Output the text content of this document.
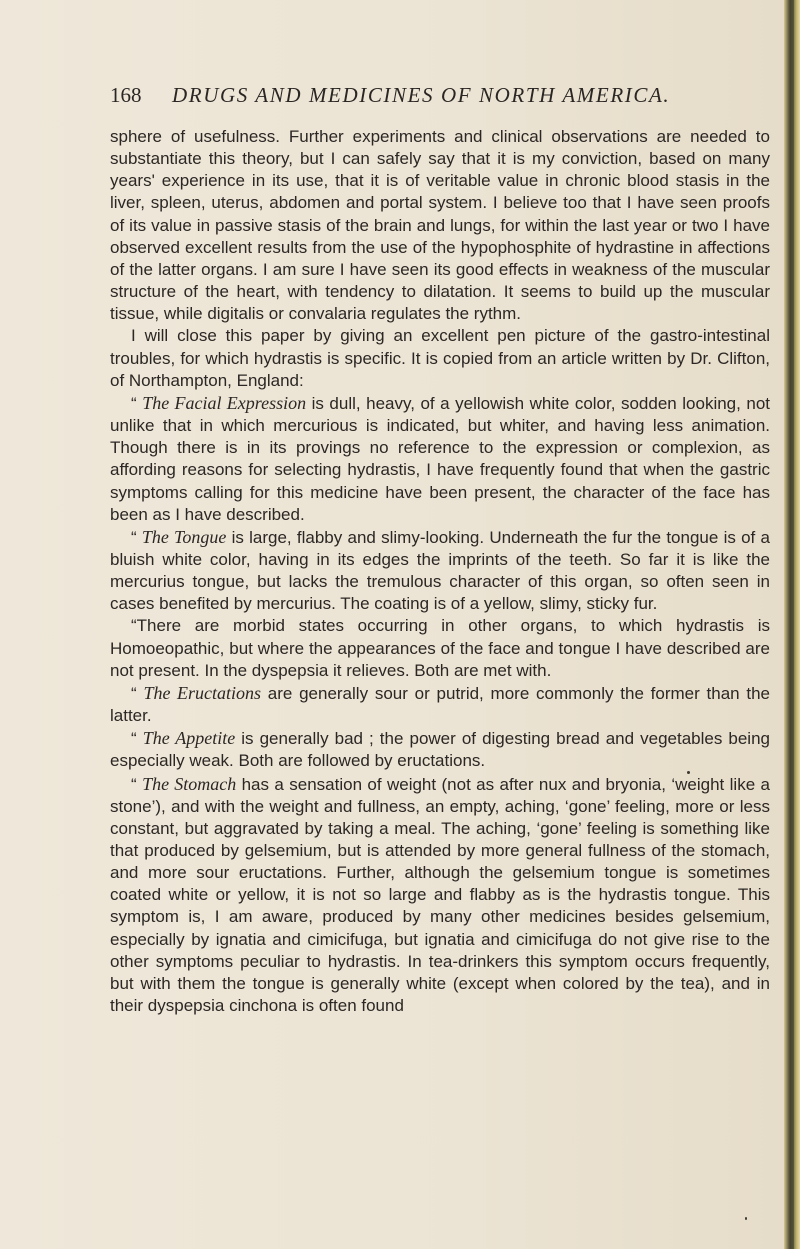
168 DRUGS AND MEDICINES OF NORTH AMERICA.

sphere of usefulness. Further experiments and clinical observations are needed to substantiate this theory, but I can safely say that it is my conviction, based on many years' experience in its use, that it is of veritable value in chronic blood stasis in the liver, spleen, uterus, abdomen and portal system. I believe too that I have seen proofs of its value in passive stasis of the brain and lungs, for within the last year or two I have observed excellent results from the use of the hypophosphite of hydrastine in affections of the latter organs. I am sure I have seen its good effects in weakness of the muscular structure of the heart, with tendency to dilatation. It seems to build up the muscular tissue, while digitalis or convalaria regulates the rythm.

I will close this paper by giving an excellent pen picture of the gastro-intestinal troubles, for which hydrastis is specific. It is copied from an article written by Dr. Clifton, of Northampton, England:

“ The Facial Expression is dull, heavy, of a yellowish white color, sodden looking, not unlike that in which mercurious is indicated, but whiter, and having less animation. Though there is in its provings no reference to the expression or complexion, as affording reasons for selecting hydrastis, I have frequently found that when the gastric symptoms calling for this medicine have been present, the character of the face has been as I have described.

“ The Tongue is large, flabby and slimy-looking. Underneath the fur the tongue is of a bluish white color, having in its edges the imprints of the teeth. So far it is like the mercurius tongue, but lacks the tremulous character of this organ, so often seen in cases benefited by mercurius. The coating is of a yellow, slimy, sticky fur.

“There are morbid states occurring in other organs, to which hydrastis is Homoeopathic, but where the appearances of the face and tongue I have described are not present. In the dyspepsia it relieves. Both are met with.

“ The Eructations are generally sour or putrid, more commonly the former than the latter.

“ The Appetite is generally bad ; the power of digesting bread and vegetables being especially weak. Both are followed by eructations.

“ The Stomach has a sensation of weight (not as after nux and bryonia, ‘weight like a stone’), and with the weight and fullness, an empty, aching, ‘gone’ feeling, more or less constant, but aggravated by taking a meal. The aching, ‘gone’ feeling is something like that produced by gelsemium, but is attended by more general fullness of the stomach, and more sour eructations. Further, although the gelsemium tongue is sometimes coated white or yellow, it is not so large and flabby as is the hydrastis tongue. This symptom is, I am aware, produced by many other medicines besides gelsemium, especially by ignatia and cimicifuga, but ignatia and cimicifuga do not give rise to the other symptoms peculiar to hydrastis. In tea-drinkers this symptom occurs frequently, but with them the tongue is generally white (except when colored by the tea), and in their dyspepsia cinchona is often found
